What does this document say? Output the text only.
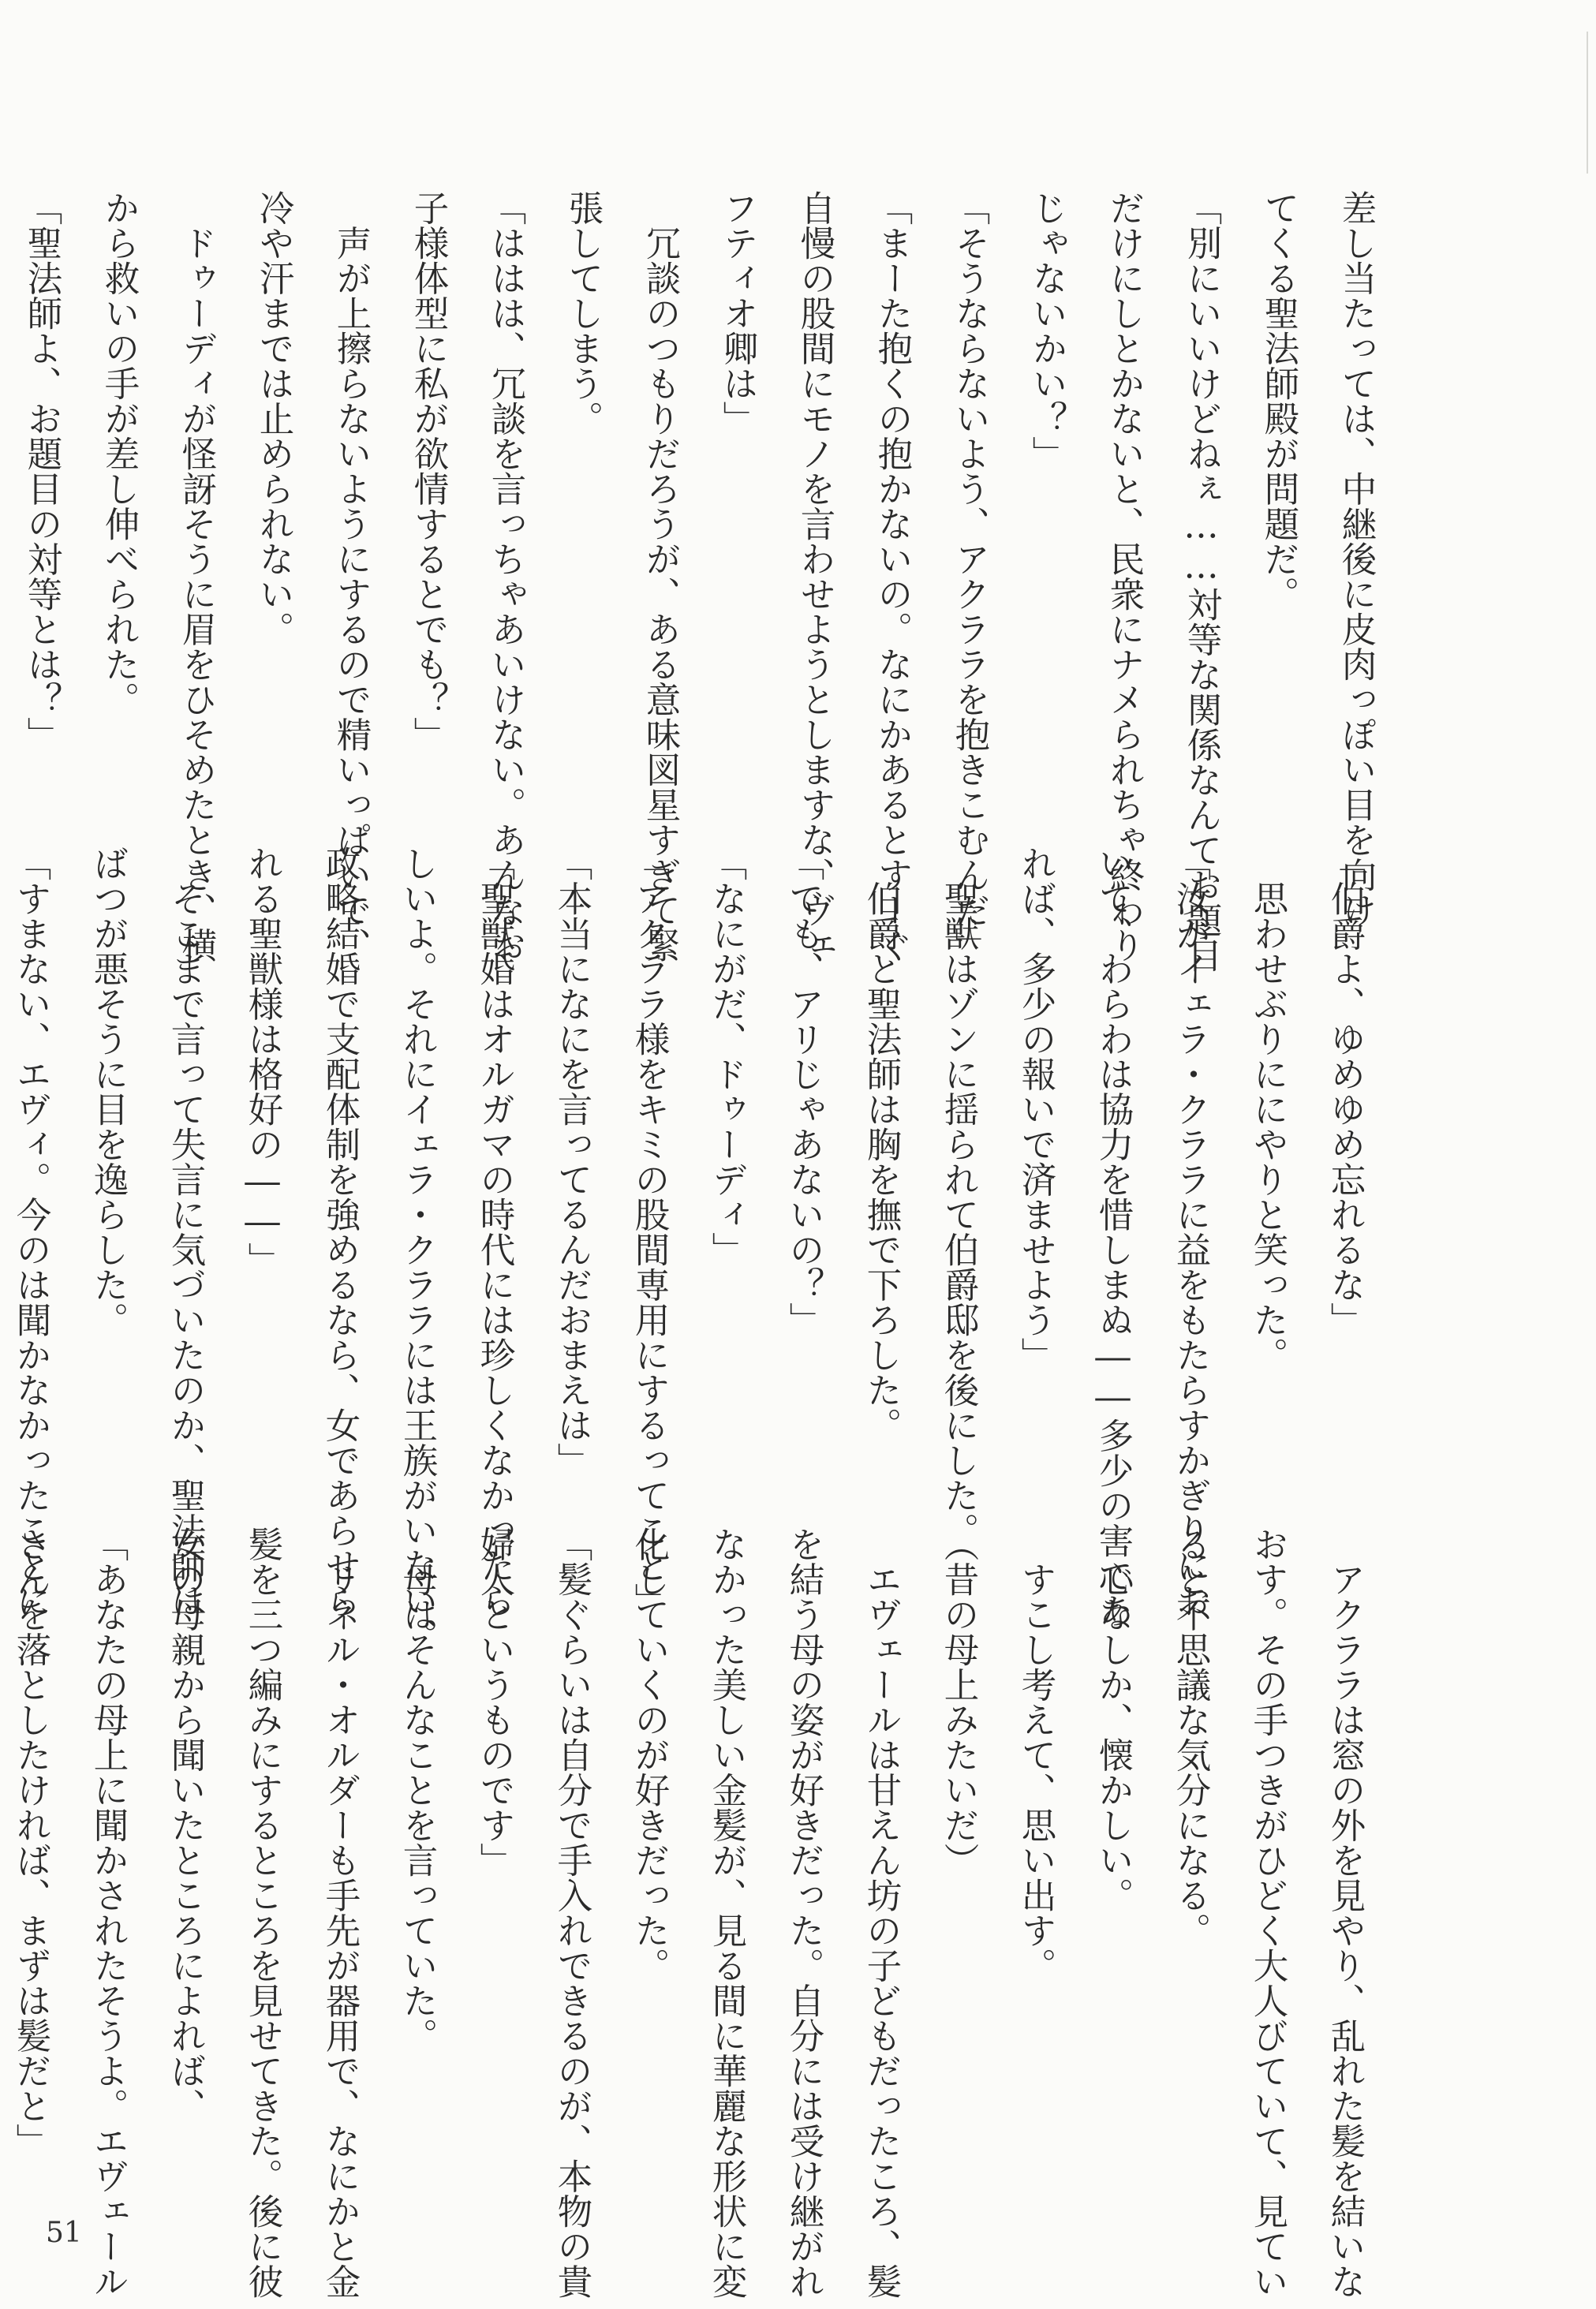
差し当たっては、中継後に皮肉っぽい目を向け
てくる聖法師殿が問題だ。
「別にいいけどねぇ……対等な関係なんてお題目
だけにしとかないと、民衆にナメられちゃ終わり
じゃないかい？」
「そうならないよう、アクララを抱きこむんだ」
「まーた抱くの抱かないの。なにかあるとすーぐ
自慢の股間にモノを言わせようとしますな、ヴェ
フティオ卿は」
　冗談のつもりだろうが、ある意味図星すぎて緊
張してしまう。
「ははは、冗談を言っちゃあいけない。あんなお
子様体型に私が欲情するとでも？」
　声が上擦らないようにするので精いっぱいで、
冷や汗までは止められない。
　ドゥーディが怪訝そうに眉をひそめたとき、横
から救いの手が差し伸べられた。
「聖法師よ、お題目の対等とは？」
「伯爵よ、ゆめゆめ忘れるな」
　思わせぶりににやりと笑った。
「汝がイェラ・クララに益をもたらすかぎりにお
いて、わらわは協力を惜しまぬ――多少の害であ
れば、多少の報いで済ませよう」
　聖獣はゾンに揺られて伯爵邸を後にした。
　伯爵と聖法師は胸を撫で下ろした。
「でも、アリじゃあないの？」
「なにがだ、ドゥーディ」
「アクララ様をキミの股間専用にするってこと」
「本当になにを言ってるんだおまえは」
「聖獣婚はオルガマの時代には珍しくなかったら
しいよ。それにイェラ・クララには王族がいない。
政略結婚で支配体制を強めるなら、女であらせら
れる聖獣様は格好の――」
　そこまで言って失言に気づいたのか、聖法師は
ばつが悪そうに目を逸らした。
「すまない、エヴィ。今のは聞かなかったことに
　アクララは窓の外を見やり、乱れた髪を結いな
おす。その手つきがひどく大人びていて、見てい
ると不思議な気分になる。
　心なしか、懐かしい。
　すこし考えて、思い出す。
（昔の母上みたいだ）
　エヴェールは甘えん坊の子どもだったころ、髪
を結う母の姿が好きだった。自分には受け継がれ
なかった美しい金髪が、見る間に華麗な形状に変
化していくのが好きだった。
「髪ぐらいは自分で手入れできるのが、本物の貴
婦人というものです」
　母はそんなことを言っていた。
　リネル・オルダーも手先が器用で、なにかと金
髪を三つ編みにするところを見せてきた。後に彼
女の母親から聞いたところによれば、
「あなたの母上に聞かされたそうよ。エヴェール
さんを落としたければ、まずは髪だと」
51
